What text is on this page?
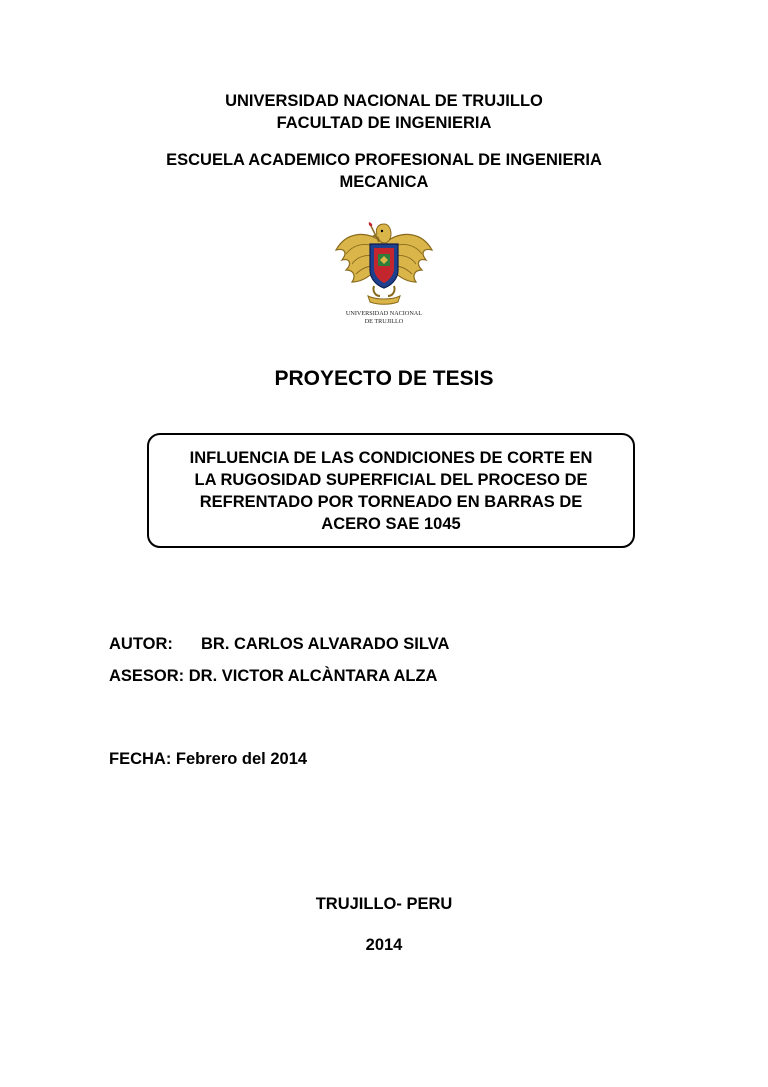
UNIVERSIDAD NACIONAL DE TRUJILLO
FACULTAD DE INGENIERIA
ESCUELA ACADEMICO PROFESIONAL DE INGENIERIA
MECANICA
UNIVERSIDAD NACIONAL
DE TRUJILLO
PROYECTO DE TESIS
INFLUENCIA DE LAS CONDICIONES DE CORTE EN
LA RUGOSIDAD SUPERFICIAL DEL PROCESO DE
REFRENTADO POR TORNEADO EN BARRAS DE
ACERO SAE 1045
AUTOR: BR. CARLOS ALVARADO SILVA
ASESOR: DR. VICTOR ALCÀNTARA ALZA
FECHA: Febrero del 2014
TRUJILLO- PERU
2014
